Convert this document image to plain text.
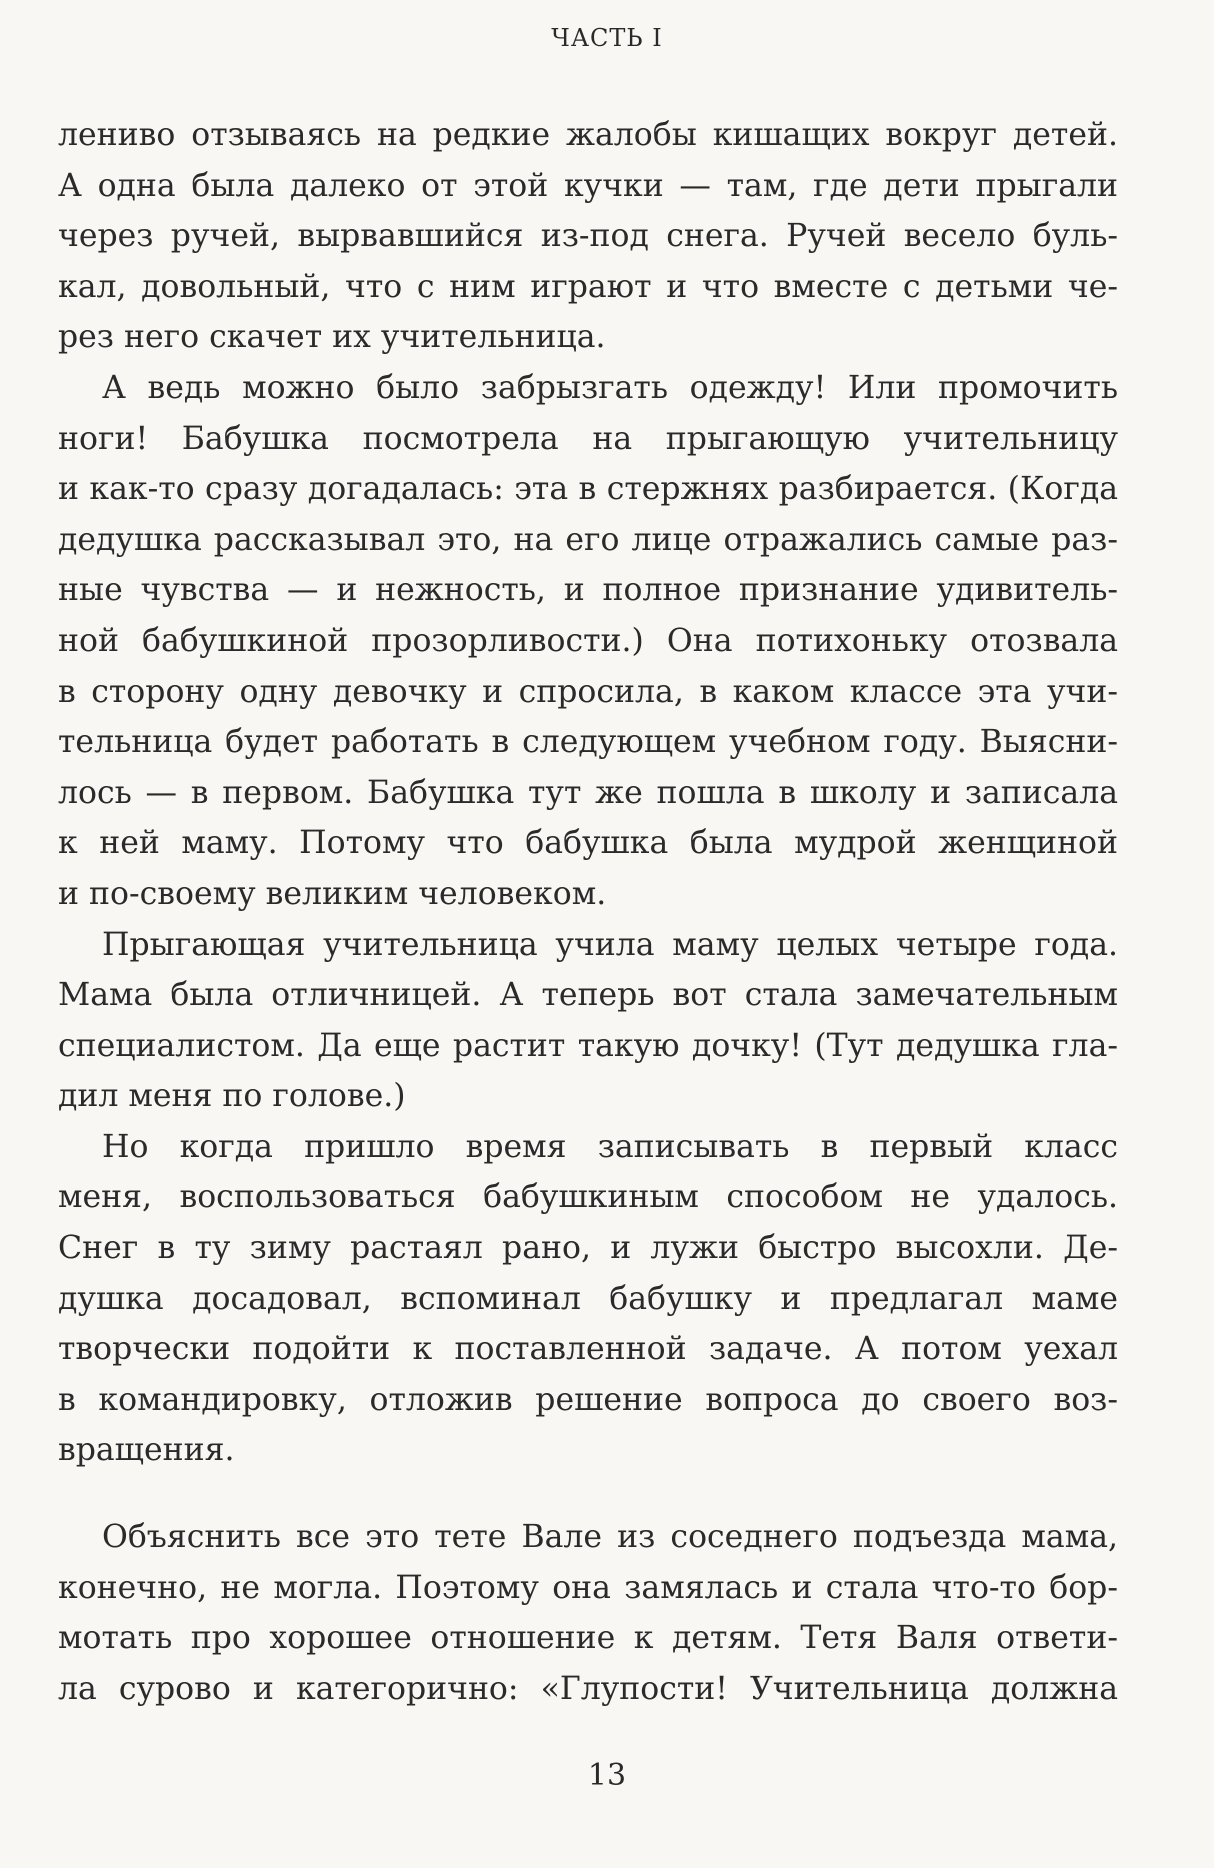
ЧАСТЬ I

лениво отзываясь на редкие жалобы кишащих вокруг детей.
А одна была далеко от этой кучки — там, где дети прыгали
через ручей, вырвавшийся из-под снега. Ручей весело буль-
кал, довольный, что с ним играют и что вместе с детьми че-
рез него скачет их учительница.

А ведь можно было забрызгать одежду! Или промочить
ноги! Бабушка посмотрела на прыгающую учительницу
и как-то сразу догадалась: эта в стержнях разбирается. (Когда
дедушка рассказывал это, на его лице отражались самые раз-
ные чувства — и нежность, и полное признание удивитель-
ной бабушкиной прозорливости.) Она потихоньку отозвала
в сторону одну девочку и спросила, в каком классе эта учи-
тельница будет работать в следующем учебном году. Выясни-
лось — в первом. Бабушка тут же пошла в школу и записала
к ней маму. Потому что бабушка была мудрой женщиной
и по-своему великим человеком.

Прыгающая учительница учила маму целых четыре года.
Мама была отличницей. А теперь вот стала замечательным
специалистом. Да еще растит такую дочку! (Тут дедушка гла-
дил меня по голове.)

Но когда пришло время записывать в первый класс
меня, воспользоваться бабушкиным способом не удалось.
Снег в ту зиму растаял рано, и лужи быстро высохли. Де-
душка досадовал, вспоминал бабушку и предлагал маме
творчески подойти к поставленной задаче. А потом уехал
в командировку, отложив решение вопроса до своего воз-
вращения.

Объяснить все это тете Вале из соседнего подъезда мама,
конечно, не могла. Поэтому она замялась и стала что-то бор-
мотать про хорошее отношение к детям. Тетя Валя ответи-
ла сурово и категорично: «Глупости! Учительница должна

13
